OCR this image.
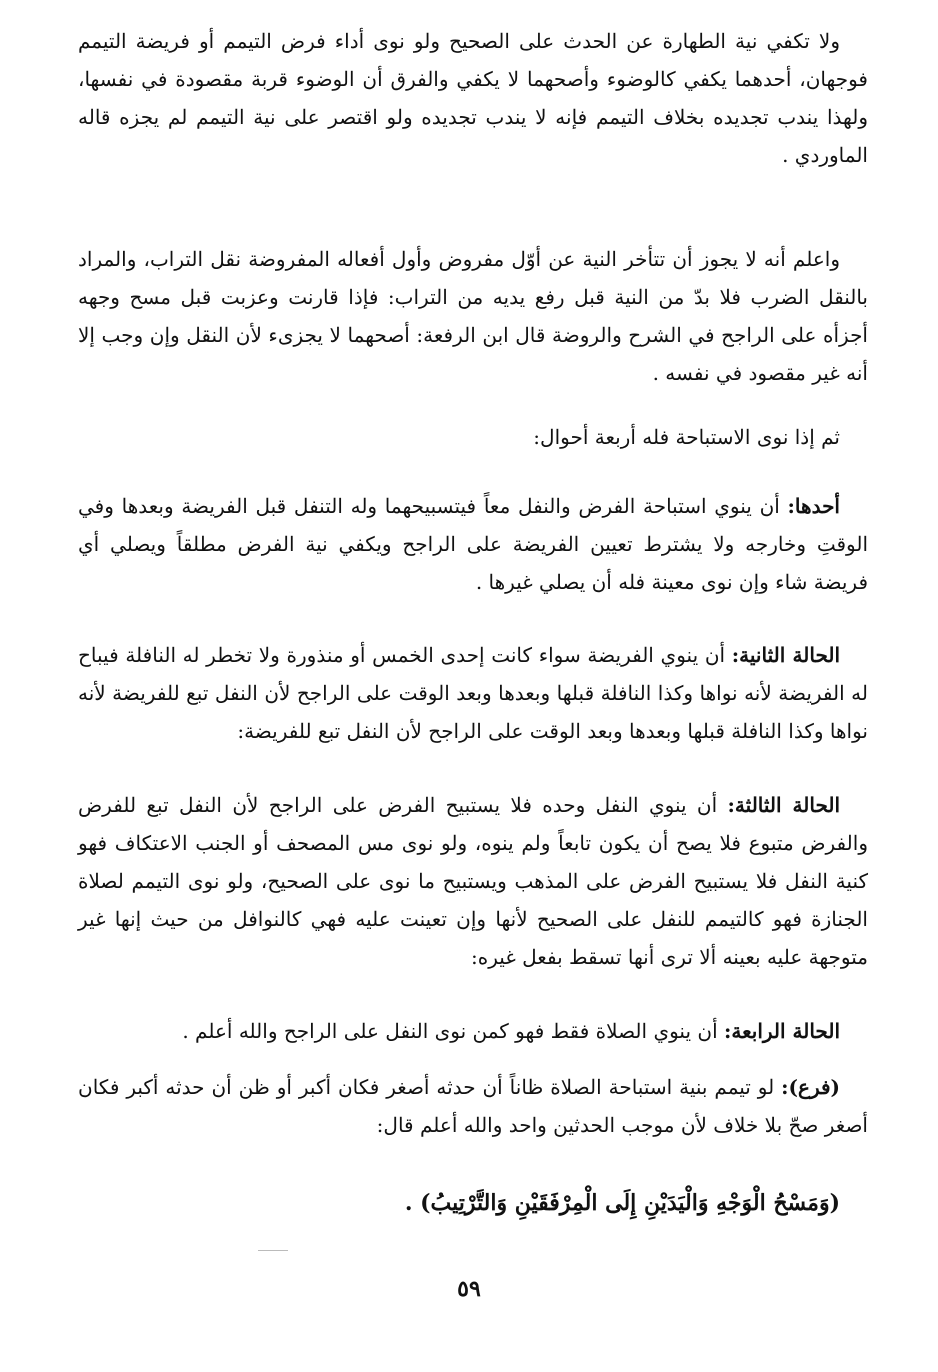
ولا تكفي نية الطهارة عن الحدث على الصحيح ولو نوى أداء فرض التيمم أو فريضة التيمم فوجهان، أحدهما يكفي كالوضوء وأصحهما لا يكفي والفرق أن الوضوء قربة مقصودة في نفسها، ولهذا يندب تجديده بخلاف التيمم فإنه لا يندب تجديده ولو اقتصر على نية التيمم لم يجزه قاله الماوردي .

واعلم أنه لا يجوز أن تتأخر النية عن أوّل مفروض وأول أفعاله المفروضة نقل التراب، والمراد بالنقل الضرب فلا بدّ من النية قبل رفع يديه من التراب: فإذا قارنت وعزبت قبل مسح وجهه أجزأه على الراجح في الشرح والروضة قال ابن الرفعة: أصحهما لا يجزىء لأن النقل وإن وجب إلا أنه غير مقصود في نفسه .

ثم إذا نوى الاستباحة فله أربعة أحوال:

أحدها: أن ينوي استباحة الفرض والنفل معاً فيتسبيحهما وله التنفل قبل الفريضة وبعدها وفي الوقتِ وخارجه ولا يشترط تعيين الفريضة على الراجح ويكفي نية الفرض مطلقاً ويصلي أي فريضة شاء وإن نوى معينة فله أن يصلي غيرها .

الحالة الثانية: أن ينوي الفريضة سواء كانت إحدى الخمس أو منذورة ولا تخطر له النافلة فيباح له الفريضة لأنه نواها وكذا النافلة قبلها وبعدها وبعد الوقت على الراجح لأن النفل تبع للفريضة لأنه نواها وكذا النافلة قبلها وبعدها وبعد الوقت على الراجح لأن النفل تبع للفريضة:

الحالة الثالثة: أن ينوي النفل وحده فلا يستبيح الفرض على الراجح لأن النفل تبع للفرض والفرض متبوع فلا يصح أن يكون تابعاً ولم ينوه، ولو نوى مس المصحف أو الجنب الاعتكاف فهو كنية النفل فلا يستبيح الفرض على المذهب ويستبيح ما نوى على الصحيح، ولو نوى التيمم لصلاة الجنازة فهو كالتيمم للنفل على الصحيح لأنها وإن تعينت عليه فهي كالنوافل من حيث إنها غير متوجهة عليه بعينه ألا ترى أنها تسقط بفعل غيره:

الحالة الرابعة: أن ينوي الصلاة فقط فهو كمن نوى النفل على الراجح والله أعلم .

(فرع): لو تيمم بنية استباحة الصلاة ظاناً أن حدثه أصغر فكان أكبر أو ظن أن حدثه أكبر فكان أصغر صحّ بلا خلاف لأن موجب الحدثين واحد والله أعلم قال:

(وَمَسْحُ الْوَجْهِ وَالْيَدَيْنِ إِلَى الْمِرْفَقَيْنِ وَالتَّرْتِيبُ) .

٥٩
